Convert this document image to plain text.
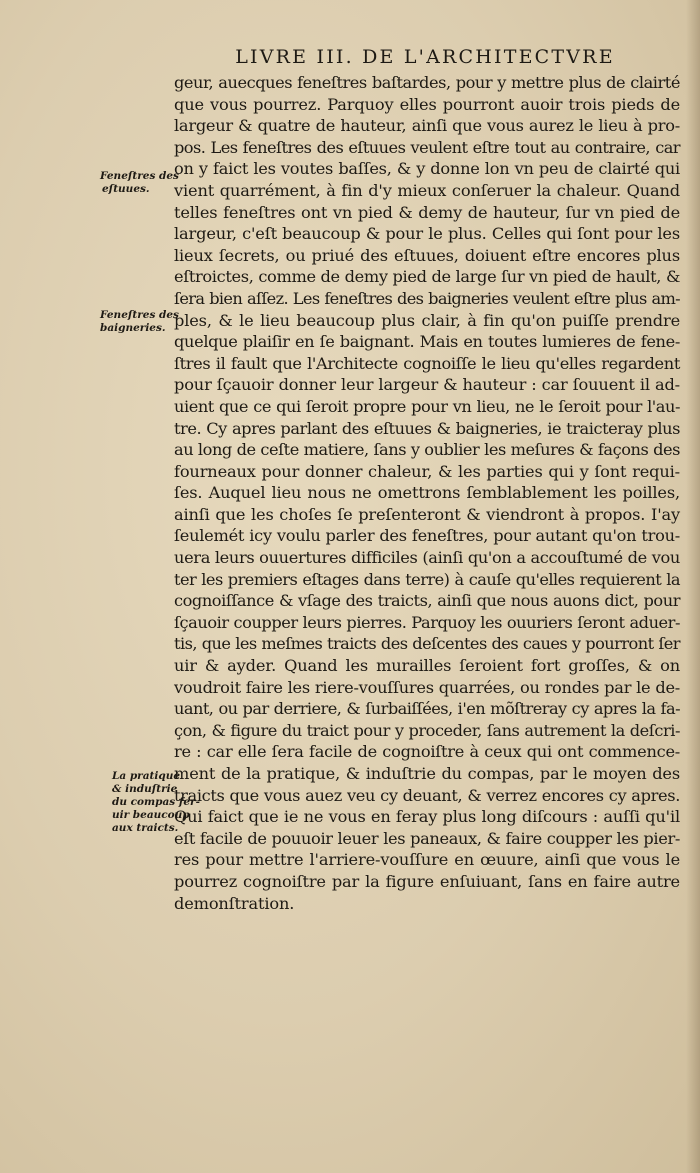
LIVRE III. DE L'ARCHITECTVRE
Feneſtres des
eſtuues.
Feneſtres des
baigneries.
La pratique
& induſtrie
du compas ſer-
uir beaucoup
aux traicts.
geur, auecques feneſtres baſtardes, pour y mettre plus de clairté
que vous pourrez. Parquoy elles pourront auoir trois pieds de
largeur & quatre de hauteur, ainſi que vous aurez le lieu à pro-
pos. Les feneſtres des eſtuues veulent eſtre tout au contraire, car
on y faict les voutes baſſes, & y donne lon vn peu de clairté qui
vient quarrément, à fin d'y mieux conſeruer la chaleur. Quand
telles feneſtres ont vn pied & demy de hauteur, ſur vn pied de
largeur, c'eſt beaucoup & pour le plus. Celles qui ſont pour les
lieux ſecrets, ou priué des eſtuues, doiuent eſtre encores plus
eſtroictes, comme de demy pied de large ſur vn pied de hault, &
ſera bien aſſez. Les feneſtres des baigneries veulent eſtre plus am-
ples, & le lieu beaucoup plus clair, à fin qu'on puiſſe prendre
quelque plaiſir en ſe baignant. Mais en toutes lumieres de fene-
ſtres il fault que l'Architecte cognoiſſe le lieu qu'elles regardent
pour ſçauoir donner leur largeur & hauteur : car ſouuent il ad-
uient que ce qui ſeroit propre pour vn lieu, ne le ſeroit pour l'au-
tre. Cy apres parlant des eſtuues & baigneries, ie traicteray plus
au long de ceſte matiere, ſans y oublier les meſures & façons des
fourneaux pour donner chaleur, & les parties qui y ſont requi-
ſes. Auquel lieu nous ne omettrons ſemblablement les poilles,
ainſi que les choſes ſe preſenteront & viendront à propos. I'ay
ſeulemét icy voulu parler des feneſtres, pour autant qu'on trou-
uera leurs ouuertures difficiles (ainſi qu'on a accouſtumé de vou
ter les premiers eſtages dans terre) à cauſe qu'elles requierent la
cognoiſſance & vſage des traicts, ainſi que nous auons dict, pour
ſçauoir coupper leurs pierres. Parquoy les ouuriers ſeront aduer-
tis, que les meſmes traicts des deſcentes des caues y pourront ſer
uir & ayder. Quand les murailles ſeroient fort groſſes, & on
voudroit faire les riere-vouſſures quarrées, ou rondes par le de-
uant, ou par derriere, & ſurbaiſſées, i'en mõſtreray cy apres la fa-
çon, & figure du traict pour y proceder, ſans autrement la deſcri-
re : car elle ſera facile de cognoiſtre à ceux qui ont commence-
ment de la pratique, & induſtrie du compas, par le moyen des
traicts que vous auez veu cy deuant, & verrez encores cy apres.
Qui faict que ie ne vous en feray plus long diſcours : auſſi qu'il
eſt facile de pouuoir leuer les paneaux, & faire coupper les pier-
res pour mettre l'arriere-vouſſure en œuure, ainſi que vous le
pourrez cognoiſtre par la figure enſuiuant, ſans en faire autre
demonſtration.
